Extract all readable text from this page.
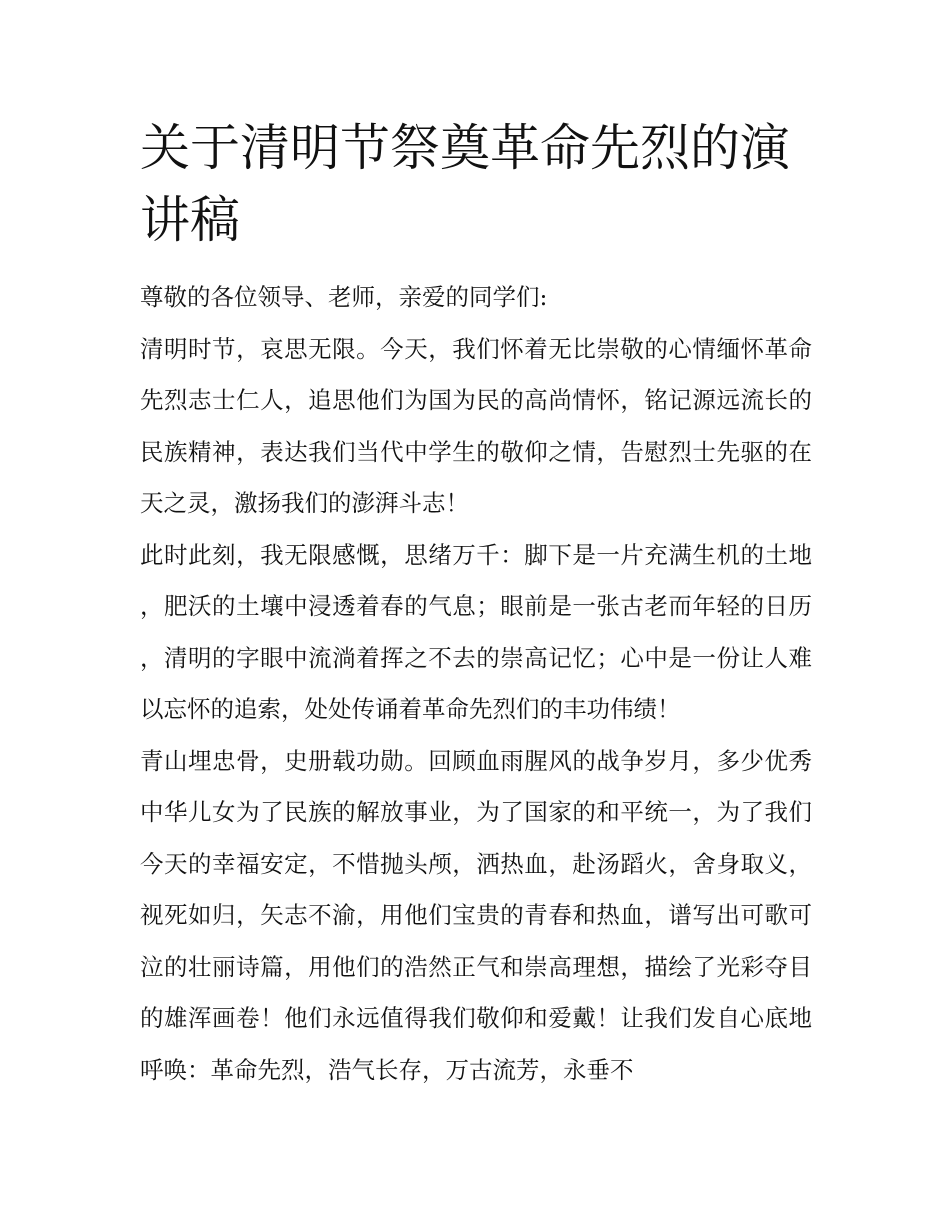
关于清明节祭奠革命先烈的演讲稿

尊敬的各位领导、老师，亲爱的同学们:

清明时节，哀思无限。今天，我们怀着无比崇敬的心情缅怀革命先烈志士仁人，追思他们为国为民的高尚情怀，铭记源远流长的民族精神，表达我们当代中学生的敬仰之情，告慰烈士先驱的在天之灵，激扬我们的澎湃斗志！

此时此刻，我无限感慨，思绪万千：脚下是一片充满生机的土地，肥沃的土壤中浸透着春的气息；眼前是一张古老而年轻的日历，清明的字眼中流淌着挥之不去的崇高记忆；心中是一份让人难以忘怀的追索，处处传诵着革命先烈们的丰功伟绩！

青山埋忠骨，史册载功勋。回顾血雨腥风的战争岁月，多少优秀中华儿女为了民族的解放事业，为了国家的和平统一，为了我们今天的幸福安定，不惜抛头颅，洒热血，赴汤蹈火，舍身取义，视死如归，矢志不渝，用他们宝贵的青春和热血，谱写出可歌可泣的壮丽诗篇，用他们的浩然正气和崇高理想，描绘了光彩夺目的雄浑画卷！他们永远值得我们敬仰和爱戴！让我们发自心底地呼唤：革命先烈，浩气长存，万古流芳，永垂不
